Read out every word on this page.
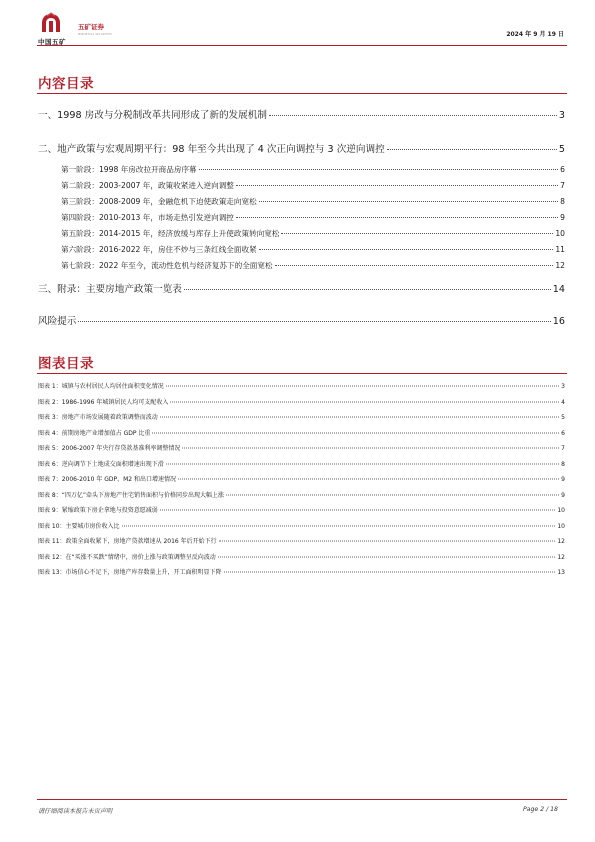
中国五矿
五矿证券
MINMETALS SECURITIES	2024 年 9 月 19 日
内容目录
一、1998 房改与分税制改革共同形成了新的发展机制	3
二、地产政策与宏观周期平行：98 年至今共出现了 4 次正向调控与 3 次逆向调控	5
第一阶段：1998 年房改拉开商品房序幕	6
第二阶段：2003-2007 年，政策收紧进入逆向调整	7
第三阶段：2008-2009 年，金融危机下迫使政策走向宽松	8
第四阶段：2010-2013 年，市场走热引发逆向调控	9
第五阶段：2014-2015 年，经济放缓与库存上升使政策转向宽松	10
第六阶段：2016-2022 年，房住不炒与三条红线全面收紧	11
第七阶段：2022 年至今，流动性危机与经济复苏下的全面宽松	12
三、附录：主要房地产政策一览表	14
风险提示	16
图表目录
图表 1：城镇与农村居民人均居住面积变化情况	3
图表 2：1986-1996 年城镇居民人均可支配收入	4
图表 3：房地产市场发展随着政策调整而波动	5
图表 4：前期房地产业增加值占 GDP 比重	6
图表 5：2006-2007 年央行存贷款基准利率调整情况	7
图表 6：逆向调节下土地成交面积增速出现下滑	8
图表 7：2006-2010 年 GDP、M2 和出口增速情况	9
图表 8：“四万亿”牵头下房地产住宅销售面积与价格同步出现大幅上涨	9
图表 9：紧缩政策下房企拿地与投资意愿减弱	10
图表 10：主要城市房价收入比	10
图表 11：政策全面收紧下，房地产贷款增速从 2016 年后开始下行	12
图表 12：在“买涨不买跌”情绪中，房价上涨与政策调整呈反向波动	12
图表 13：市场信心不足下，房地产库存数量上升，开工面积明显下降	13
请仔细阅读本报告末页声明	Page 2 / 18
